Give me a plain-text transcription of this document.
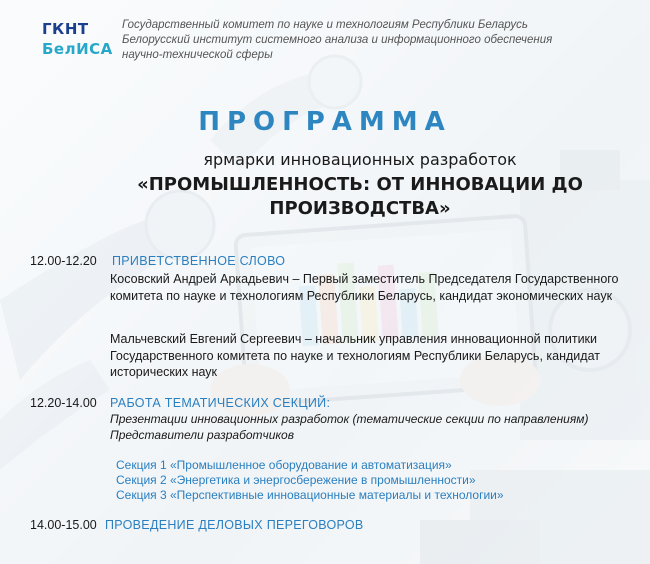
ГКНТ
БелИСА
Государственный комитет по науке и технологиям Республики Беларусь
Белорусский институт системного анализа и информационного обеспечения
научно-технической сферы
ПРОГРАММА
ярмарки инновационных разработок
«ПРОМЫШЛЕННОСТЬ: ОТ ИННОВАЦИИ ДО ПРОИЗВОДСТВА»
12.00-12.20 ПРИВЕТСТВЕННОЕ СЛОВО
Косовский Андрей Аркадьевич – Первый заместитель Председателя Государственного комитета по науке и технологиям Республики Беларусь, кандидат экономических наук
Мальчевский Евгений Сергеевич – начальник управления инновационной политики Государственного комитета по науке и технологиям Республики Беларусь, кандидат исторических наук
12.20-14.00 РАБОТА ТЕМАТИЧЕСКИХ СЕКЦИЙ:
Презентации инновационных разработок (тематические секции по направлениям)
Представители разработчиков
Секция 1 «Промышленное оборудование и автоматизация»
Секция 2 «Энергетика и энергосбережение в промышленности»
Секция 3 «Перспективные инновационные материалы и технологии»
14.00-15.00 ПРОВЕДЕНИЕ ДЕЛОВЫХ ПЕРЕГОВОРОВ
